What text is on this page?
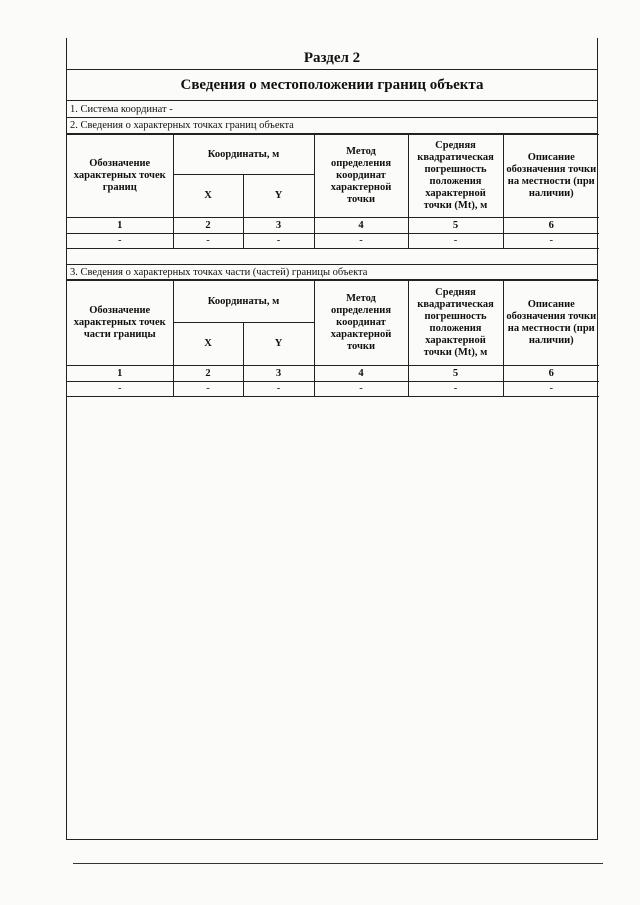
Раздел 2
Сведения о местоположении границ объекта
1. Система координат -
2. Сведения о характерных точках границ объекта
Обозначение характерных точек границ	Координаты, м		Метод определения координат характерной точки	Средняя квадратическая погрешность положения характерной точки (Mt), м	Описание обозначения точки на местности (при наличии)
	X	Y			
1	2	3	4	5	6
-	-	-	-	-	-
3. Сведения о характерных точках части (частей) границы объекта
Обозначение характерных точек части границы	Координаты, м		Метод определения координат характерной точки	Средняя квадратическая погрешность положения характерной точки (Mt), м	Описание обозначения точки на местности (при наличии)
	X	Y			
1	2	3	4	5	6
-	-	-	-	-	-
